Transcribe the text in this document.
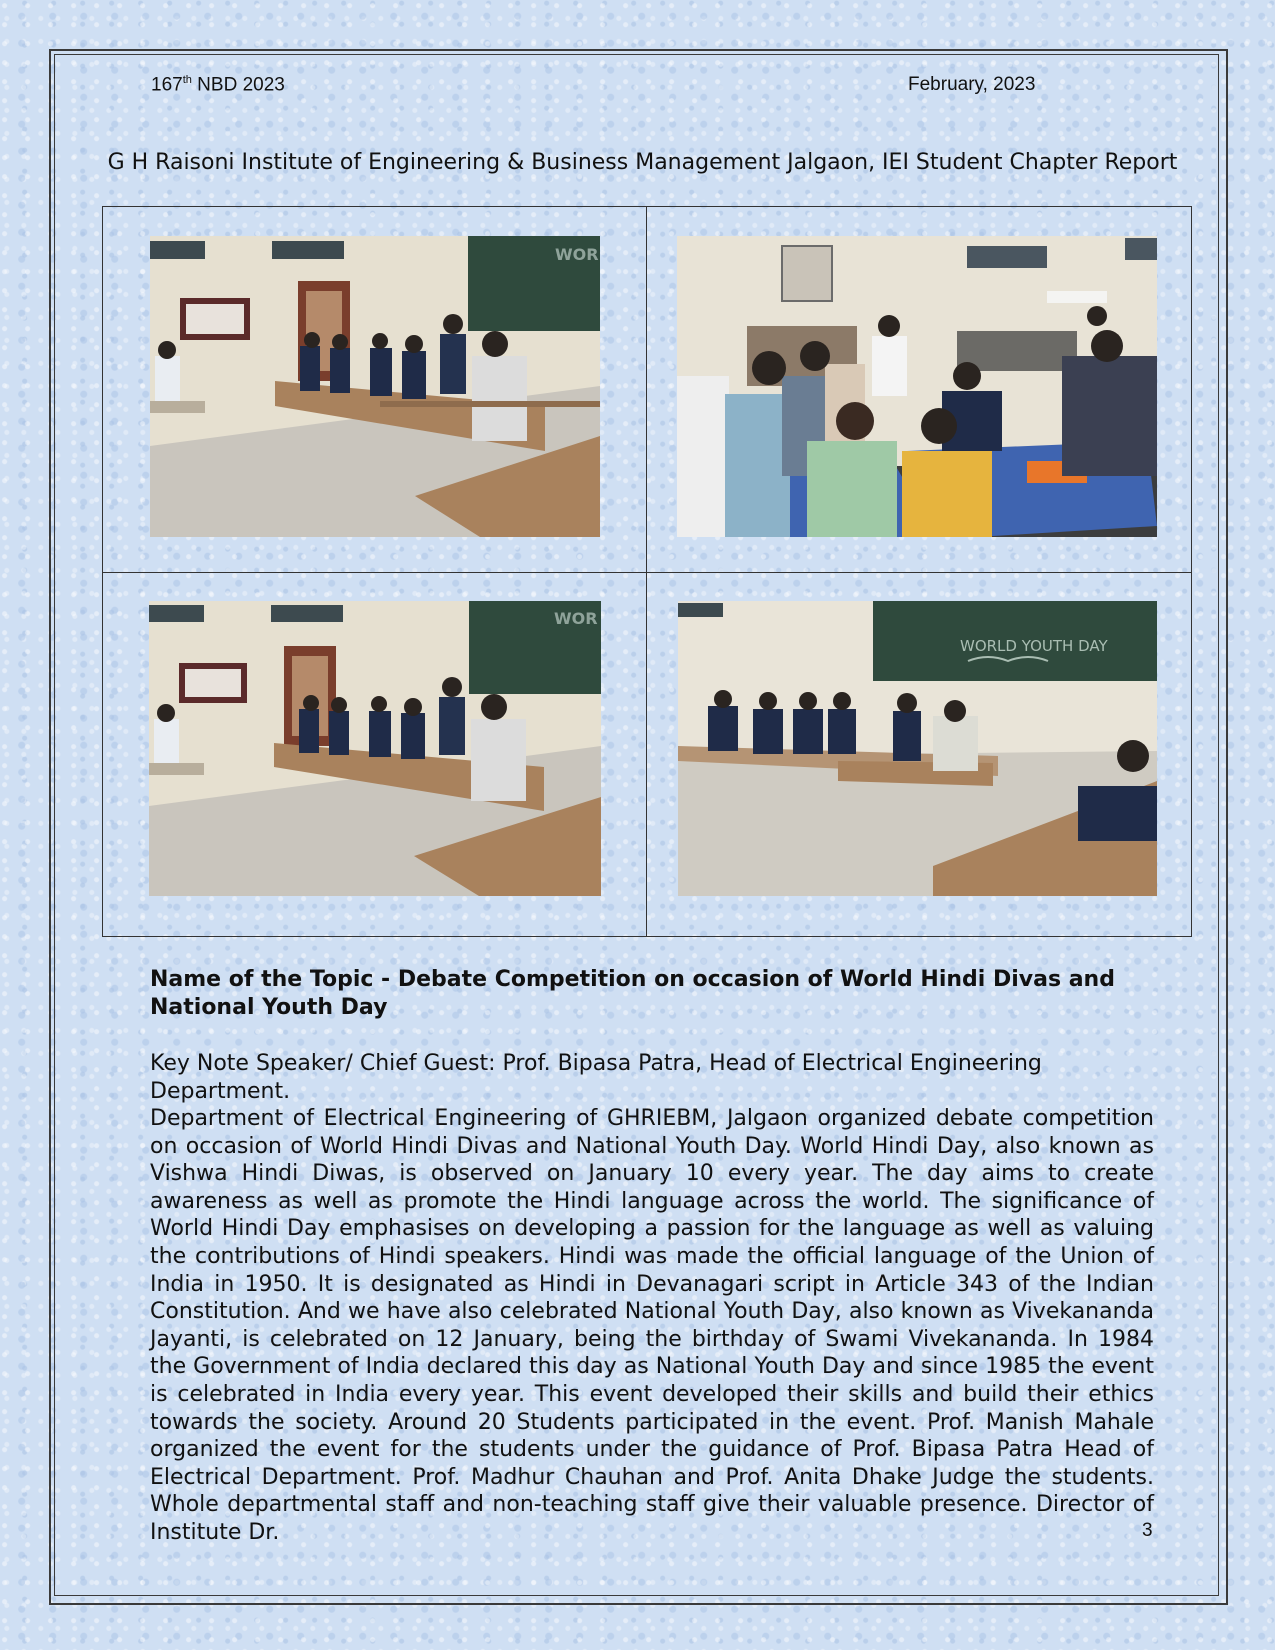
167th NBD 2023	February, 2023
G H Raisoni Institute of Engineering & Business Management Jalgaon, IEI Student Chapter Report
WOR
WOR
WORLD YOUTH DAY
Name of the Topic - Debate Competition on occasion of World Hindi Divas and National Youth Day
Key Note Speaker/ Chief Guest: Prof. Bipasa Patra, Head of Electrical Engineering Department.
Department of Electrical Engineering of GHRIEBM, Jalgaon organized debate competition on occasion of World Hindi Divas and National Youth Day. World Hindi Day, also known as Vishwa Hindi Diwas, is observed on January 10 every year. The day aims to create awareness as well as promote the Hindi language across the world. The significance of World Hindi Day emphasises on developing a passion for the language as well as valuing the contributions of Hindi speakers. Hindi was made the official language of the Union of India in 1950. It is designated as Hindi in Devanagari script in Article 343 of the Indian Constitution. And we have also celebrated National Youth Day, also known as Vivekananda Jayanti, is celebrated on 12 January, being the birthday of Swami Vivekananda. In 1984 the Government of India declared this day as National Youth Day and since 1985 the event is celebrated in India every year. This event developed their skills and build their ethics towards the society. Around 20 Students participated in the event. Prof. Manish Mahale organized the event for the students under the guidance of Prof. Bipasa Patra Head of Electrical Department. Prof. Madhur Chauhan and Prof. Anita Dhake Judge the students. Whole departmental staff and non-teaching staff give their valuable presence. Director of Institute Dr.	3
